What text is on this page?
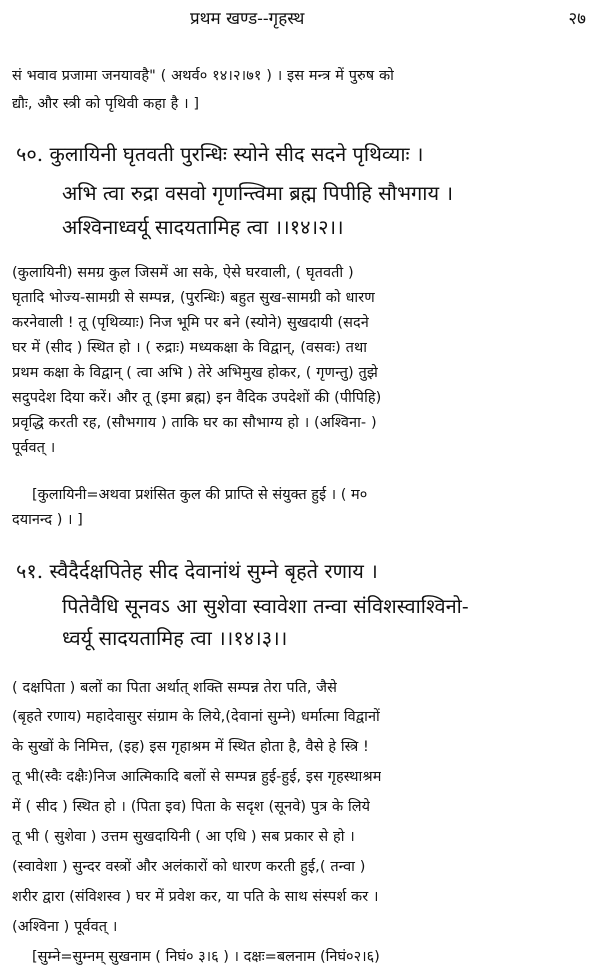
प्रथम खण्ड--गृहस्थ	२७
सं भवाव प्रजामा जनयावहै" ( अथर्व० १४।२।७१ ) । इस मन्त्र में पुरुष को
द्यौः, और स्त्री को पृथिवी कहा है । ]
५०. कुलायिनी घृतवती पुरन्धिः स्योने सीद सदने पृथिव्याः ।
अभि त्वा रुद्रा वसवो गृणन्त्विमा ब्रह्म पिपीहि सौभगाय ।
अश्विनाध्वर्यू सादयतामिह त्वा ।।१४।२।।
(कुलायिनी) समग्र कुल जिसमें आ सके, ऐसे घरवाली, ( घृतवती )
घृतादि भोज्य-सामग्री से सम्पन्न, (पुरन्धिः) बहुत सुख-सामग्री को धारण
करनेवाली ! तू (पृथिव्याः) निज भूमि पर बने (स्योने) सुखदायी (सदने
घर में (सीद ) स्थित हो । ( रुद्राः) मध्यकक्षा के विद्वान्, (वसवः) तथा
प्रथम कक्षा के विद्वान् ( त्वा अभि ) तेरे अभिमुख होकर, ( गृणन्तु) तुझे
सदुपदेश दिया करें। और तू (इमा ब्रह्म) इन वैदिक उपदेशों की (पीपिहि)
प्रवृद्धि करती रह, (सौभगाय ) ताकि घर का सौभाग्य हो । (अश्विना- )
पूर्ववत् ।
[कुलायिनी=अथवा प्रशंसित कुल की प्राप्ति से संयुक्त हुई । ( म०
दयानन्द ) । ]
५१. स्वैदैर्दक्षपितेह सीद देवानांथं सुम्ने बृहते रणाय ।
पितेवैधि सूनवऽ आ सुशेवा स्वावेशा तन्वा संविशस्वाश्विनो-
ध्वर्यू सादयतामिह त्वा ।।१४।३।।
( दक्षपिता ) बलों का पिता अर्थात् शक्ति सम्पन्न तेरा पति, जैसे
(बृहते रणाय) महादेवासुर संग्राम के लिये,(देवानां सुम्ने) धर्मात्मा विद्वानों
के सुखों के निमित्त, (इह) इस गृहाश्रम में स्थित होता है, वैसे हे स्त्रि !
तू भी(स्वैः दक्षैः)निज आत्मिकादि बलों से सम्पन्न हुई-हुई, इस गृहस्थाश्रम
में ( सीद ) स्थित हो । (पिता इव) पिता के सदृश (सूनवे) पुत्र के लिये
तू भी ( सुशेवा ) उत्तम सुखदायिनी ( आ एधि ) सब प्रकार से हो ।
(स्वावेशा ) सुन्दर वस्त्रों और अलंकारों को धारण करती हुई,( तन्वा )
शरीर द्वारा (संविशस्व ) घर में प्रवेश कर, या पति के साथ संस्पर्श कर ।
(अश्विना ) पूर्ववत् ।
[सुम्ने=सुम्नम् सुखनाम ( निघं० ३।६ ) । दक्षः=बलनाम (निघं०२।६)
